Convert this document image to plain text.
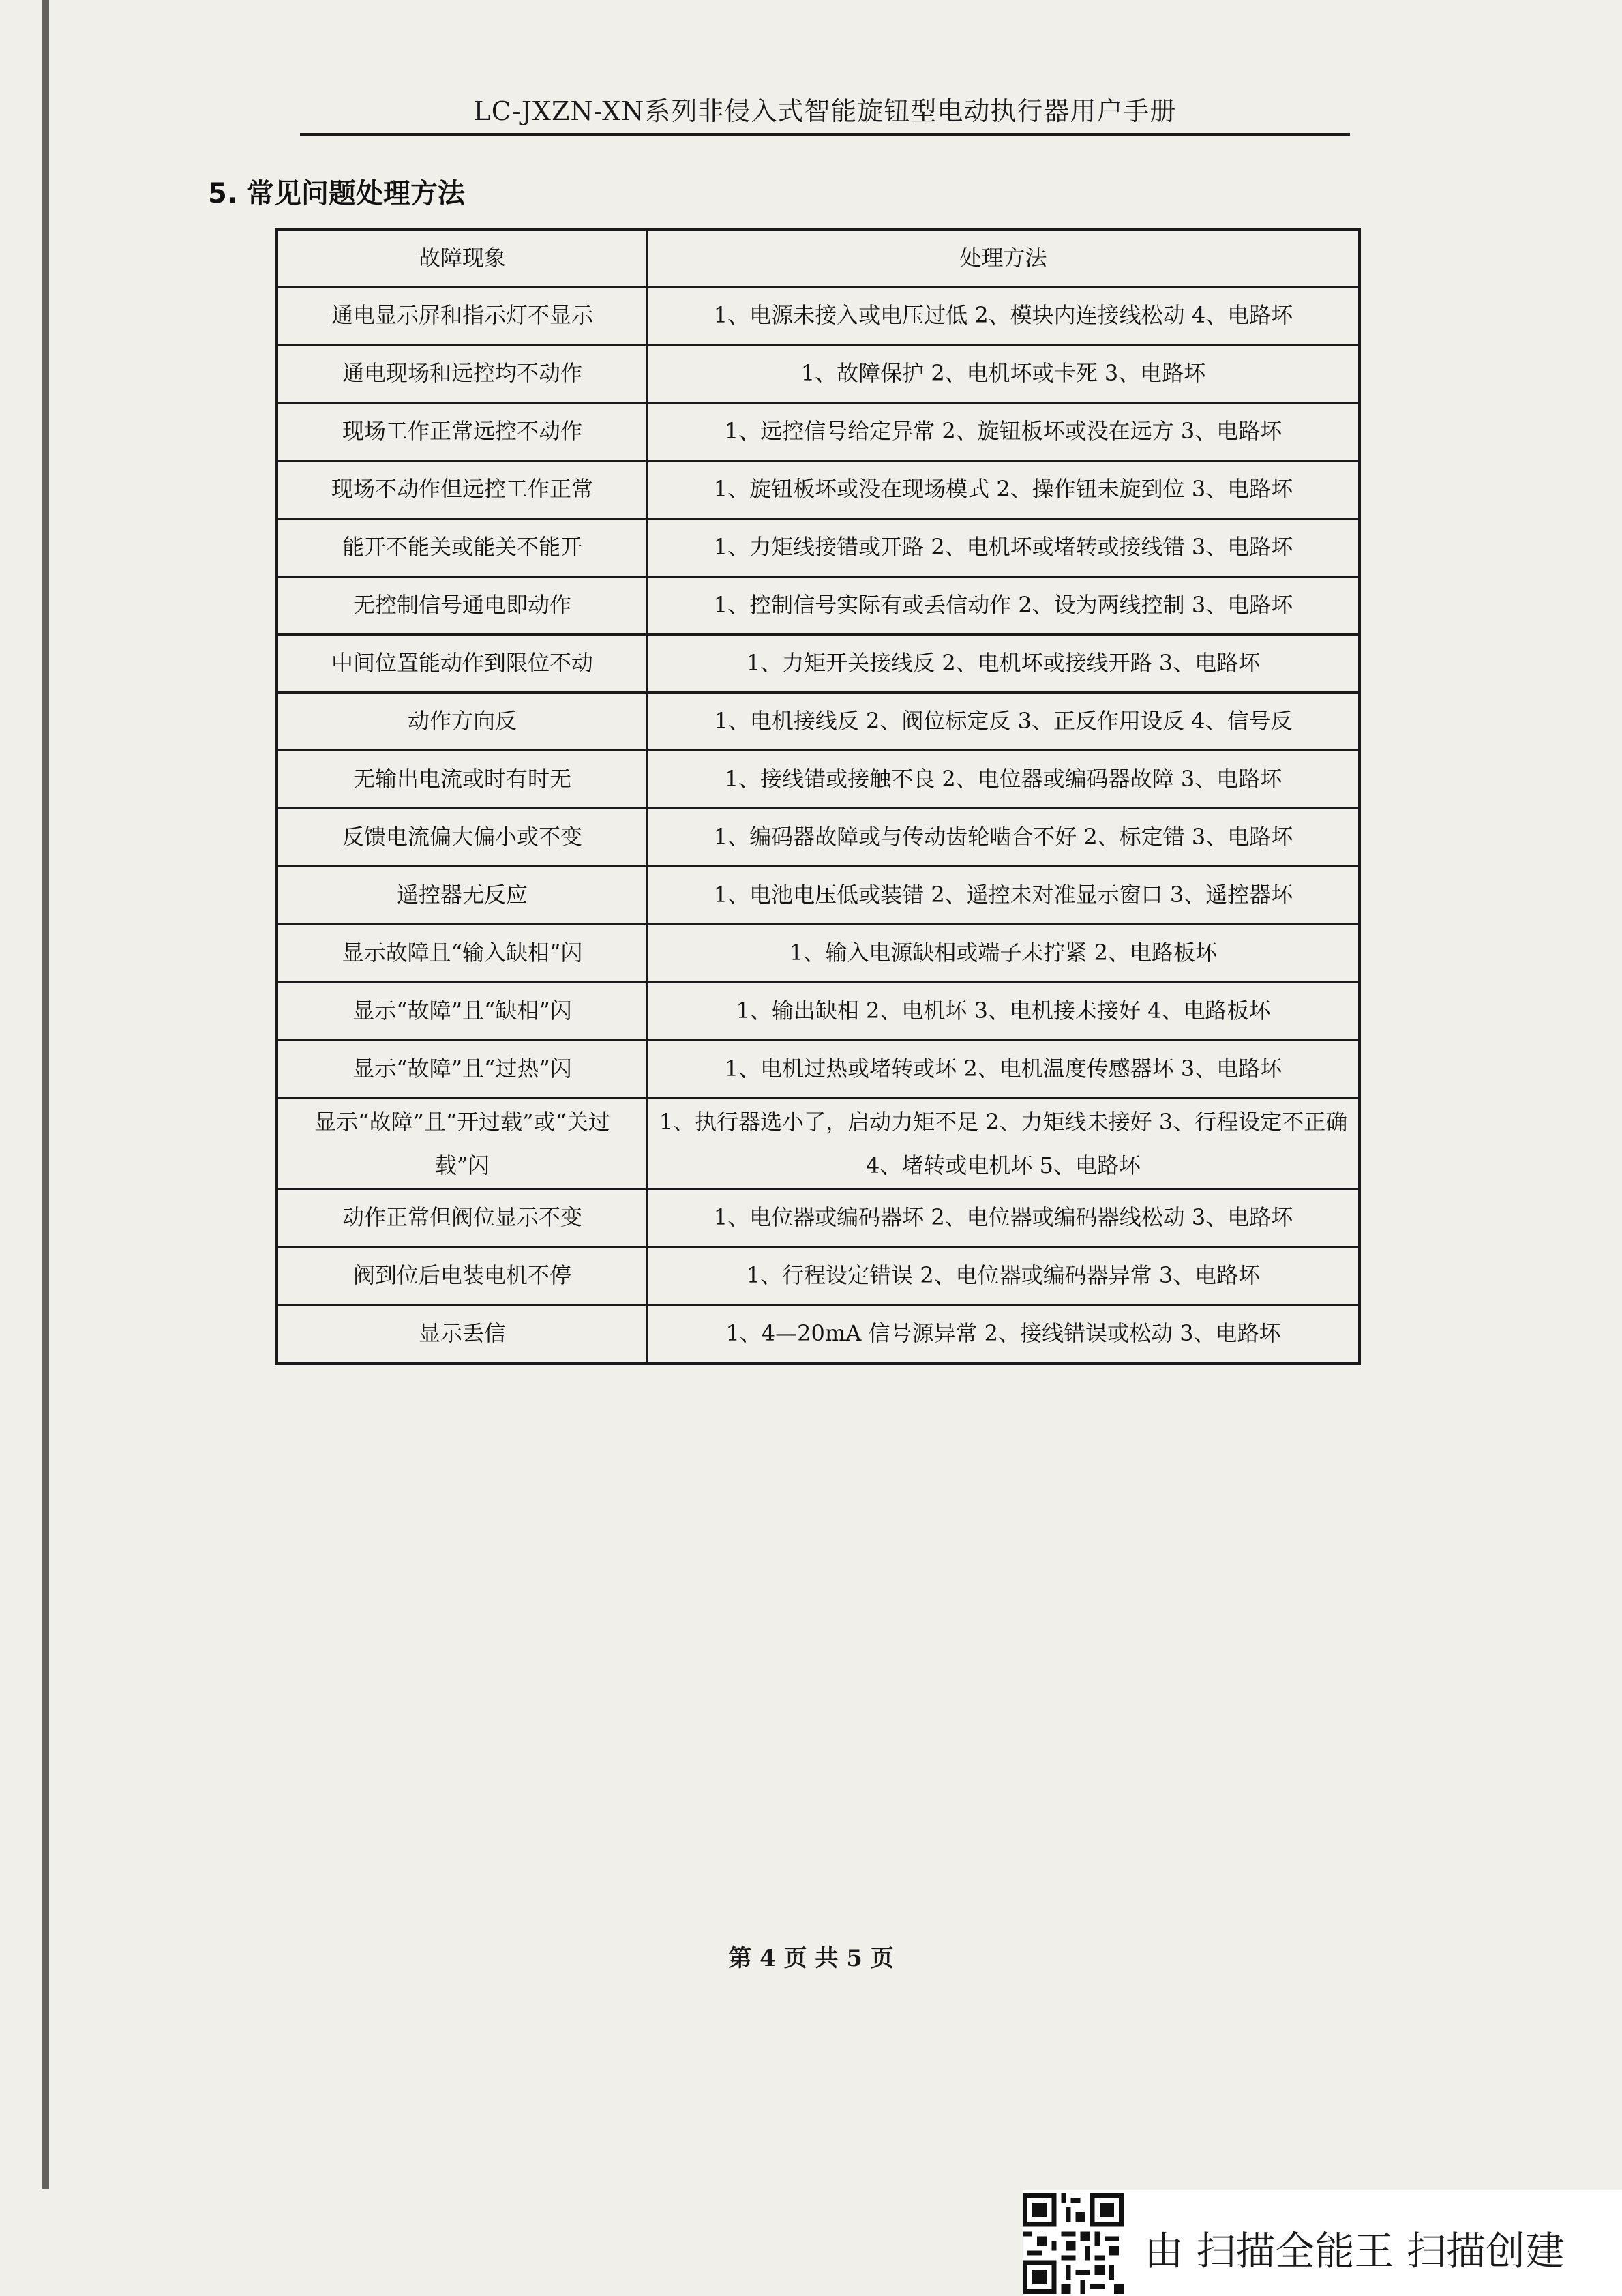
LC-JXZN-XN系列非侵入式智能旋钮型电动执行器用户手册
5. 常见问题处理方法
故障现象	处理方法
通电显示屏和指示灯不显示	1、电源未接入或电压过低 2、模块内连接线松动 4、电路坏
通电现场和远控均不动作	1、故障保护 2、电机坏或卡死 3、电路坏
现场工作正常远控不动作	1、远控信号给定异常 2、旋钮板坏或没在远方 3、电路坏
现场不动作但远控工作正常	1、旋钮板坏或没在现场模式 2、操作钮未旋到位 3、电路坏
能开不能关或能关不能开	1、力矩线接错或开路 2、电机坏或堵转或接线错 3、电路坏
无控制信号通电即动作	1、控制信号实际有或丢信动作 2、设为两线控制 3、电路坏
中间位置能动作到限位不动	1、力矩开关接线反 2、电机坏或接线开路 3、电路坏
动作方向反	1、电机接线反 2、阀位标定反 3、正反作用设反 4、信号反
无输出电流或时有时无	1、接线错或接触不良 2、电位器或编码器故障 3、电路坏
反馈电流偏大偏小或不变	1、编码器故障或与传动齿轮啮合不好 2、标定错 3、电路坏
遥控器无反应	1、电池电压低或装错 2、遥控未对准显示窗口 3、遥控器坏
显示故障且“输入缺相”闪	1、输入电源缺相或端子未拧紧 2、电路板坏
显示“故障”且“缺相”闪	1、输出缺相 2、电机坏 3、电机接未接好 4、电路板坏
显示“故障”且“过热”闪	1、电机过热或堵转或坏 2、电机温度传感器坏 3、电路坏
显示“故障”且“开过载”或“关过载”闪	1、执行器选小了，启动力矩不足 2、力矩线未接好 3、行程设定不正确 4、堵转或电机坏 5、电路坏
动作正常但阀位显示不变	1、电位器或编码器坏 2、电位器或编码器线松动 3、电路坏
阀到位后电装电机不停	1、行程设定错误 2、电位器或编码器异常 3、电路坏
显示丢信	1、4—20mA 信号源异常 2、接线错误或松动 3、电路坏
第 4 页 共 5 页
由 扫描全能王 扫描创建
